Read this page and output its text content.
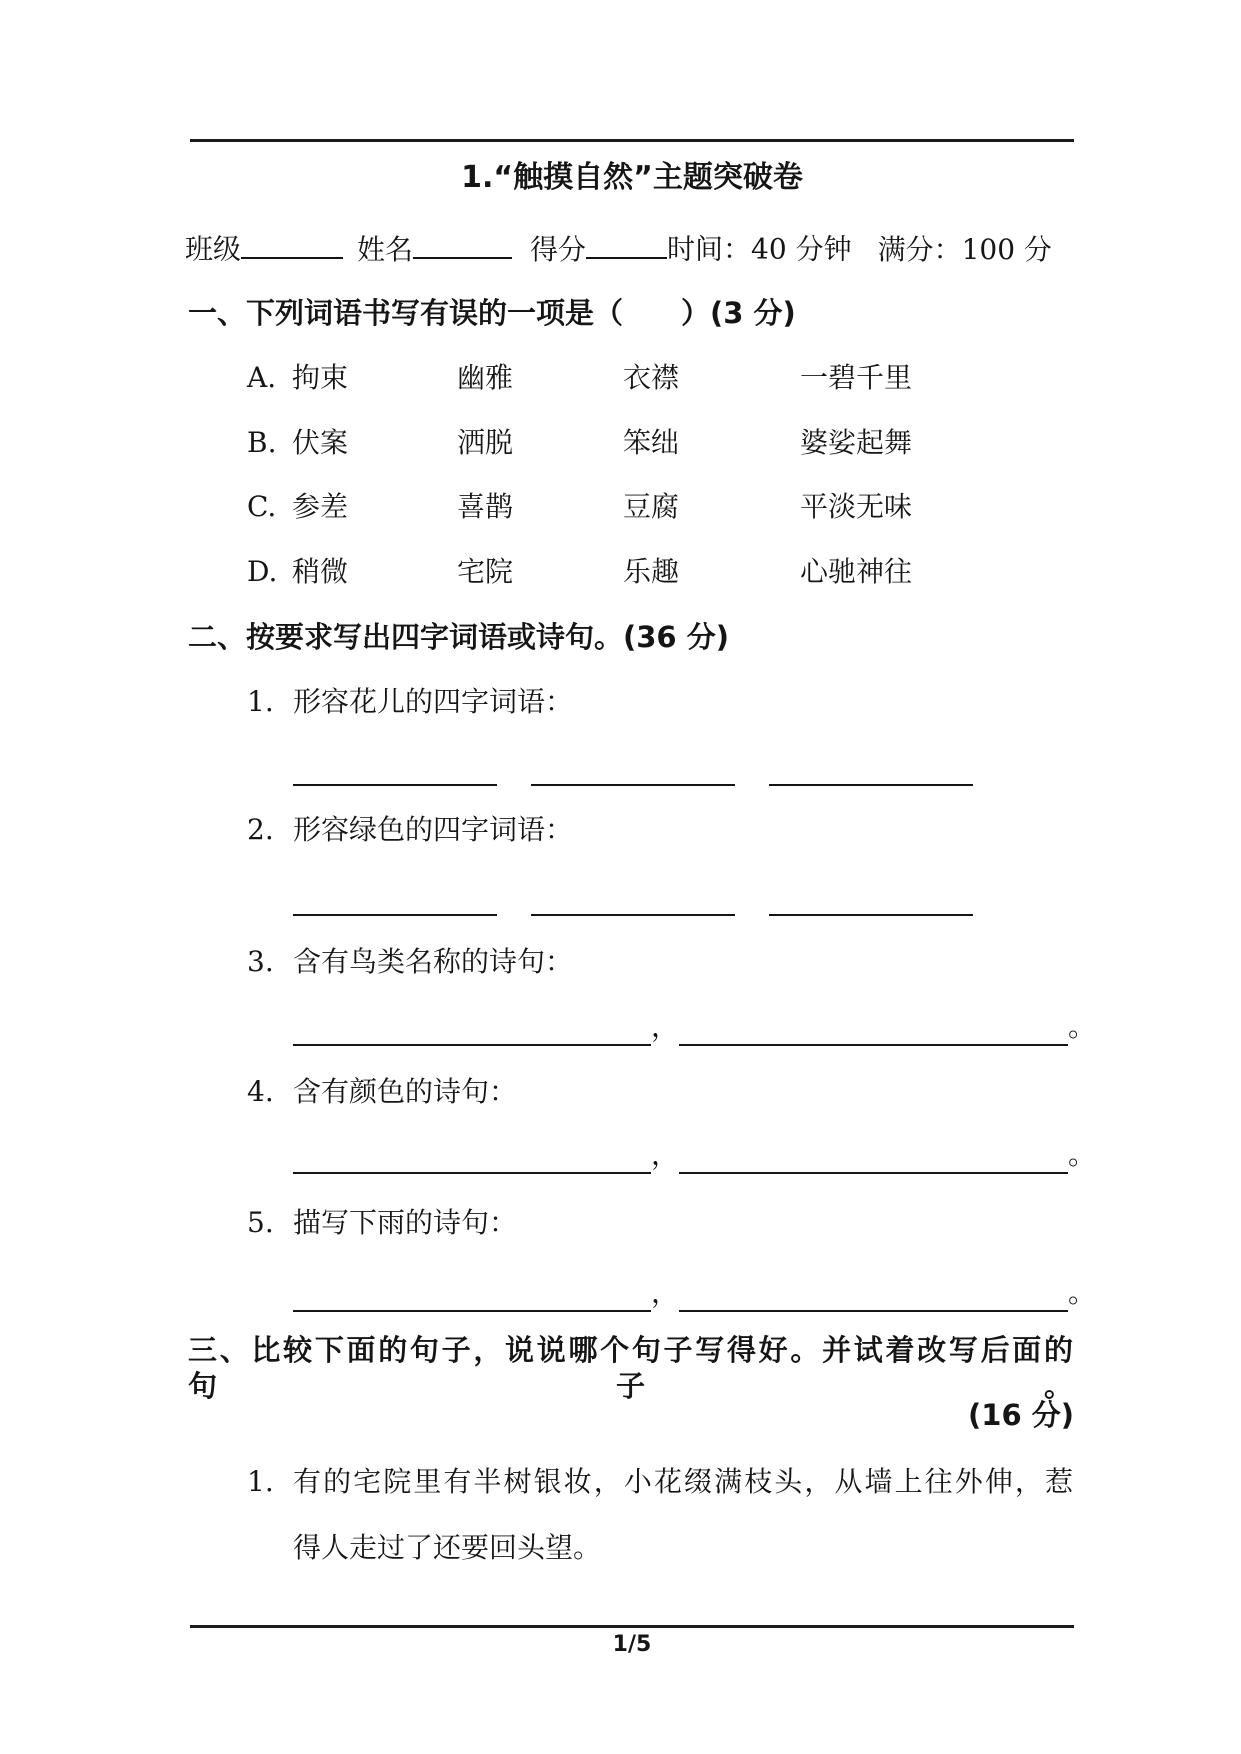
1.“触摸自然”主题突破卷
班级	姓名	得分	时间：40 分钟 满分：100 分
一、下列词语书写有误的一项是（　　）(3 分)
A. 拘束	幽雅	衣襟	一碧千里
B. 伏案	洒脱	笨绌	婆娑起舞
C. 参差	喜鹊	豆腐	平淡无味
D. 稍微	宅院	乐趣	心驰神往
二、按要求写出四字词语或诗句。(36 分)
1. 形容花儿的四字词语：
2. 形容绿色的四字词语：
3. 含有鸟类名称的诗句：
，	。
4. 含有颜色的诗句：
，	。
5. 描写下雨的诗句：
，	。
三、比较下面的句子，说说哪个句子写得好。并试着改写后面的句子。
(16 分)
1. 有的宅院里有半树银妆，小花缀满枝头，从墙上往外伸，惹
得人走过了还要回头望。
1/5
